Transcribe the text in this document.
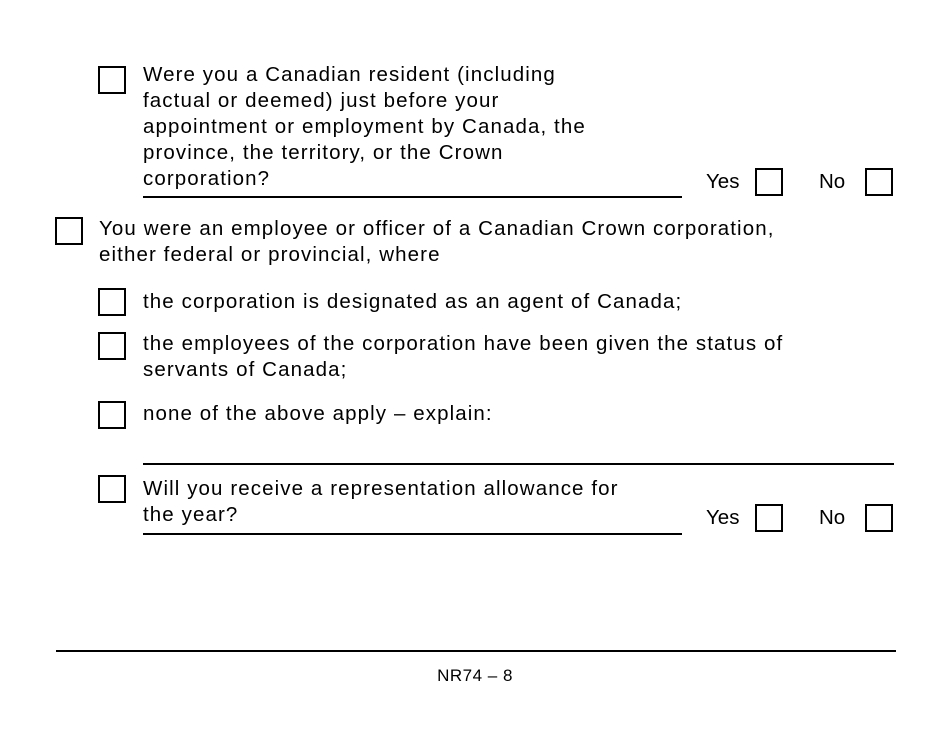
Were you a Canadian resident (including
factual or deemed) just before your
appointment or employment by Canada, the
province, the territory, or the Crown
corporation?	Yes	No
You were an employee or officer of a Canadian Crown corporation,
either federal or provincial, where
the corporation is designated as an agent of Canada;
the employees of the corporation have been given the status of
servants of Canada;
none of the above apply – explain:
Will you receive a representation allowance for
the year?	Yes	No
NR74 – 8
